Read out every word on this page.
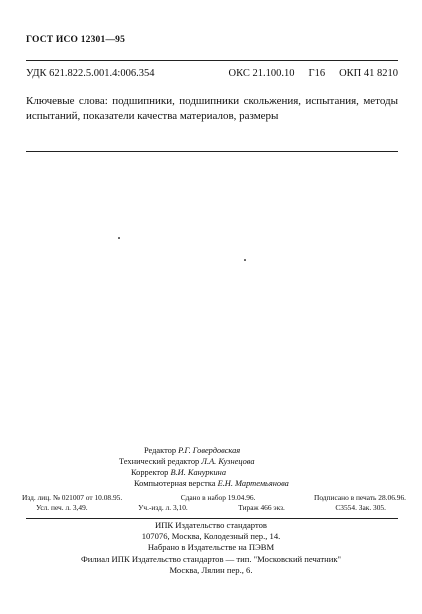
ГОСТ ИСО 12301—95
УДК 621.822.5.001.4:006.354	ОКС 21.100.10 Г16 ОКП 41 8210
Ключевые слова: подшипники, подшипники скольжения, испытания, методы испытаний, показатели качества материалов, размеры
Редактор Р.Г. Говердовская
Технический редактор Л.А. Кузнецова
Корректор В.И. Кануркина
Компьютерная верстка Е.Н. Мартемьянова
Изд. лиц. № 021007 от 10.08.95.	Сдано в набор 19.04.96.	Подписано в печать 28.06.96.
Усл. печ. л. 3,49.	Уч.-изд. л. 3,10.	Тираж 466 экз.	С3554. Зак. 305.
ИПК Издательство стандартов
107076, Москва, Колодезный пер., 14.
Набрано в Издательстве на ПЭВМ
Филиал ИПК Издательство стандартов — тип. "Московский печатник"
Москва, Лялин пер., 6.
